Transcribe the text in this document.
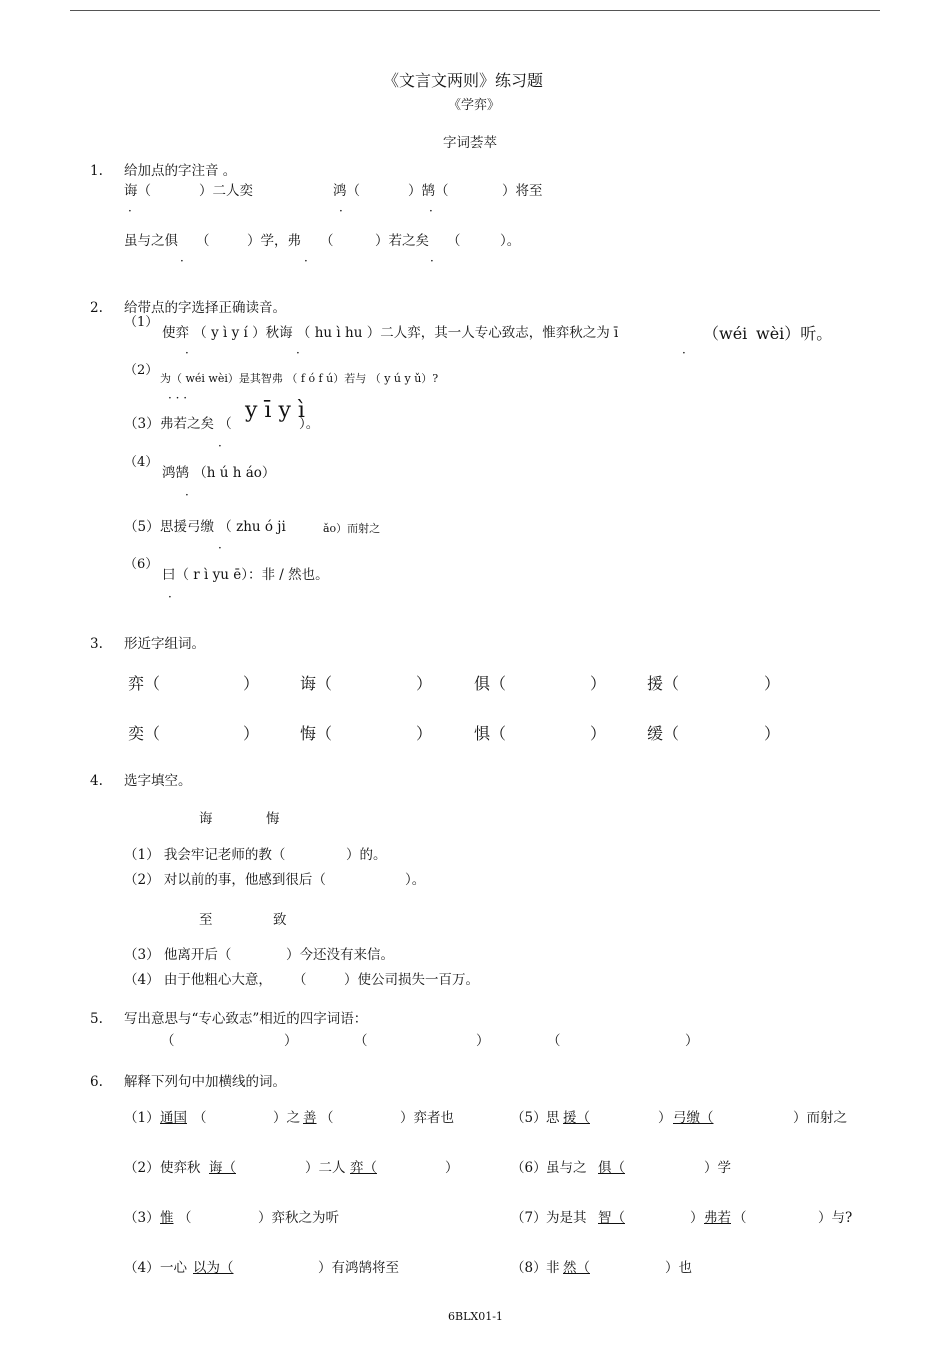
《文言文两则》练习题
《学弈》
字词荟萃
1. 给加点的字注音 。
诲（	）二人奕	鸿（	）鹄（	）将至
·	·	·
虽与之俱 （	）学，弗 （	）若之矣 （	）。
·	·	·
2. 给带点的字选择正确读音。
（1）
使弈 （ y ì y í ）秋诲 （ hu ì hu ）二人弈，其一人专心致志，惟弈秋之为 ī	（wéi wèi）听。
·	·	·
（2）
为（ wéi wèi）是其智弗 （ f ó f ú）若与 （ y ú y ǔ）?
· · ·
（3） 弗若之矣 （
y ī y ì
）。
·
（4）
鸿鹄 （h ú h áo）
·
（5） 思援弓缴 （ zhu ó ji	ǎo）而射之
·
（6）
曰（ r ì yu ē）：非 / 然也。
·
3. 形近字组词。
弈（	）	诲（	）	俱（	）	援（	）
奕（	）	悔（	）	惧（	）	缓（	）
4. 选字填空。
诲	悔
（1） 我会牢记老师的教（	）的。
（2） 对以前的事，他感到很后（	）。
至	致
（3） 他离开后（	）今还没有来信。
（4） 由于他粗心大意， （	）使公司损失一百万。
5. 写出意思与“专心致志”相近的四字词语：
（	）	（	）	（	）
6. 解释下列句中加横线的词。
（1） 通国 （	）之 善 （	）弈者也
（2） 使弈秋 诲（	）二人 弈（	）
（3） 惟 （	）弈秋之为听
（4） 一心 以为（	）有鸿鹄将至
（5） 思 援（	） 弓缴（	）而射之
（6） 虽与之 俱（	）学
（7） 为是其 智（	） 弗若 （	）与?
（8） 非 然（	）也
6BLX01-1
